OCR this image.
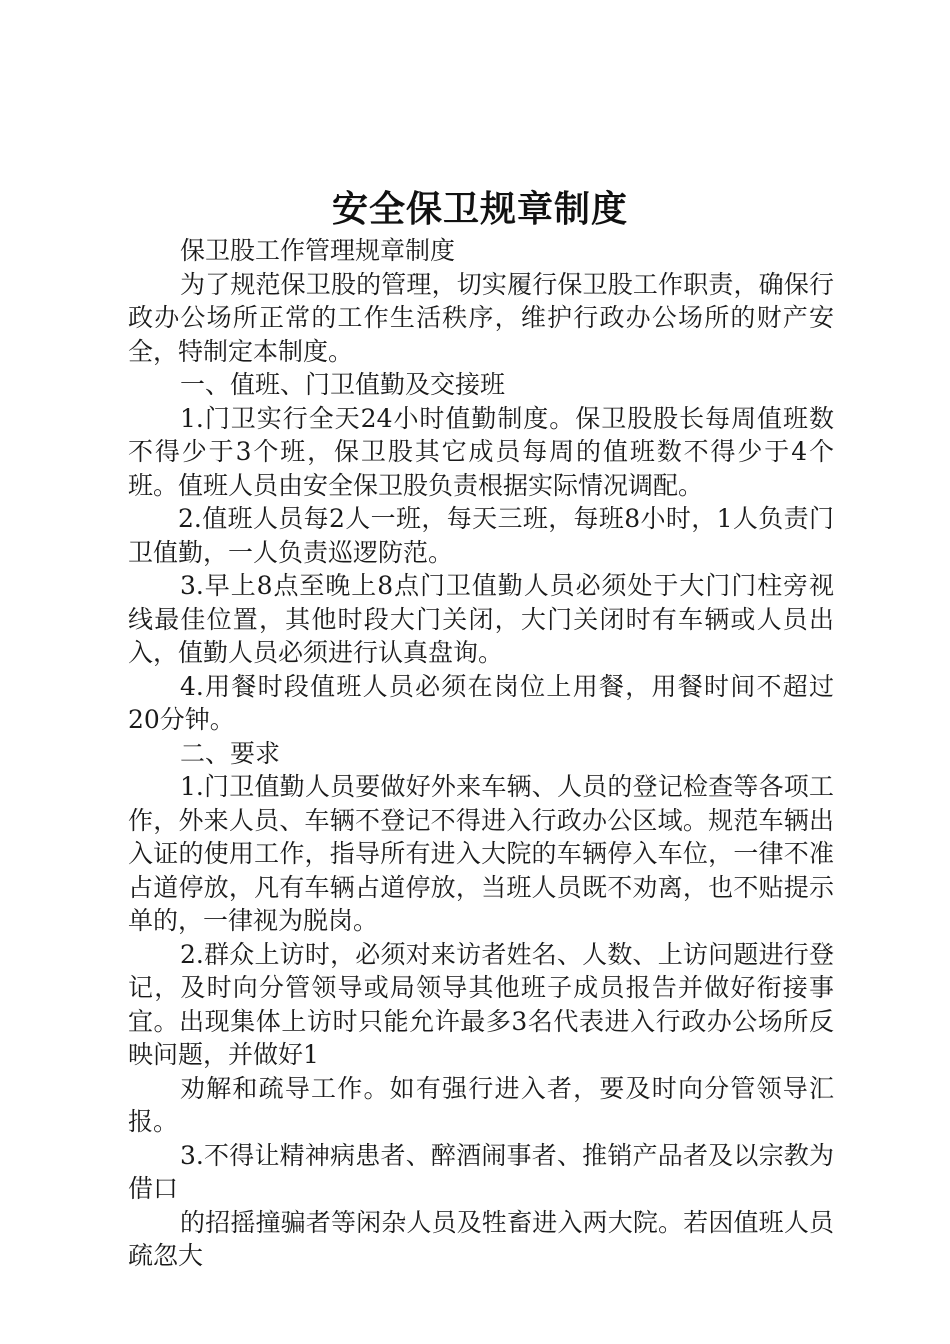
安全保卫规章制度

保卫股工作管理规章制度

为了规范保卫股的管理，切实履行保卫股工作职责，确保行政办公场所正常的工作生活秩序，维护行政办公场所的财产安全，特制定本制度。

一、值班、门卫值勤及交接班

1.门卫实行全天24小时值勤制度。保卫股股长每周值班数不得少于3个班，保卫股其它成员每周的值班数不得少于4个班。值班人员由安全保卫股负责根据实际情况调配。

2.值班人员每2人一班，每天三班，每班8小时，1人负责门卫值勤，一人负责巡逻防范。

3.早上8点至晚上8点门卫值勤人员必须处于大门门柱旁视线最佳位置，其他时段大门关闭，大门关闭时有车辆或人员出入，值勤人员必须进行认真盘询。

4.用餐时段值班人员必须在岗位上用餐，用餐时间不超过20分钟。

二、要求

1.门卫值勤人员要做好外来车辆、人员的登记检查等各项工作，外来人员、车辆不登记不得进入行政办公区域。规范车辆出入证的使用工作，指导所有进入大院的车辆停入车位，一律不准占道停放，凡有车辆占道停放，当班人员既不劝离，也不贴提示单的，一律视为脱岗。

2.群众上访时，必须对来访者姓名、人数、上访问题进行登记，及时向分管领导或局领导其他班子成员报告并做好衔接事宜。出现集体上访时只能允许最多3名代表进入行政办公场所反映问题，并做好1

劝解和疏导工作。如有强行进入者，要及时向分管领导汇报。

3.不得让精神病患者、醉酒闹事者、推销产品者及以宗教为借口

的招摇撞骗者等闲杂人员及牲畜进入两大院。若因值班人员疏忽大
